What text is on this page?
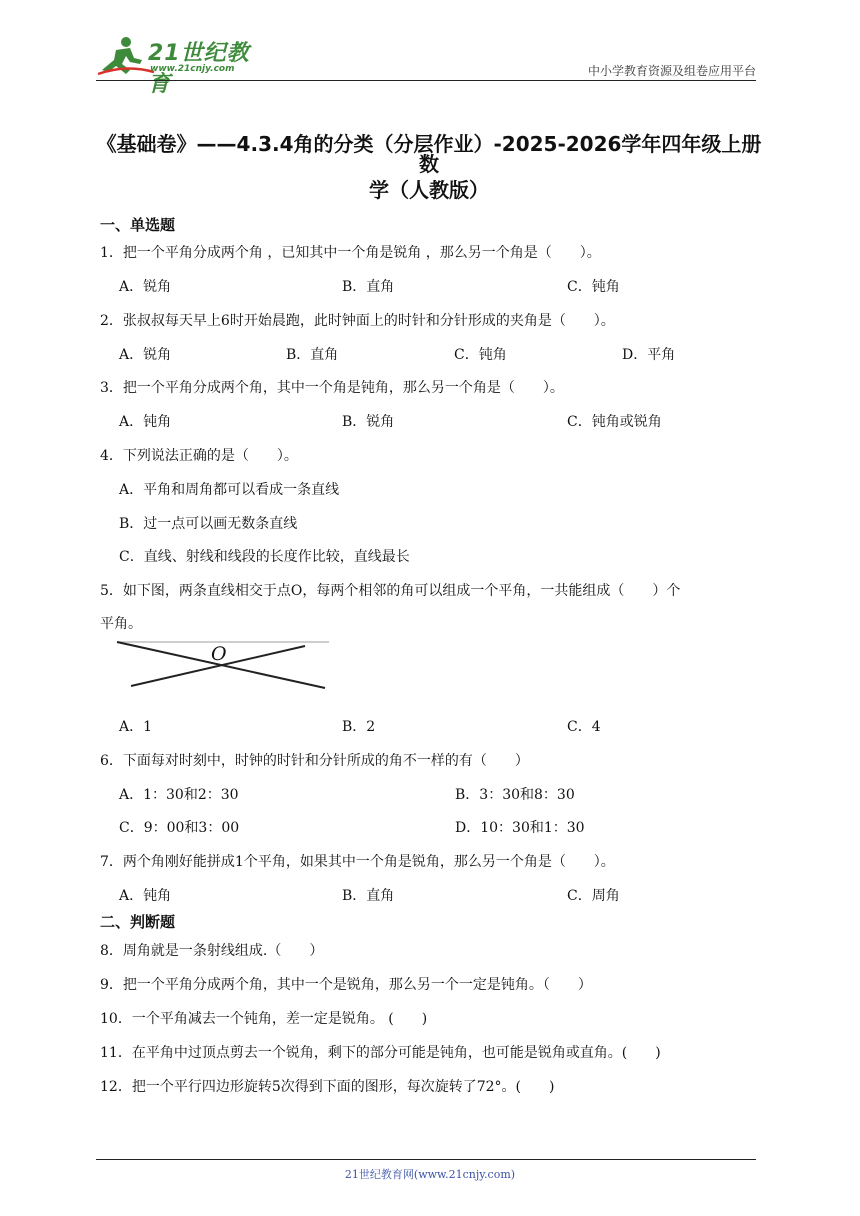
21世纪教育
www.21cnjy.com	中小学教育资源及组卷应用平台
《基础卷》——4.3.4角的分类（分层作业）-2025-2026学年四年级上册数
学（人教版）
一、单选题
1．把一个平角分成两个角 ，已知其中一个角是锐角 ，那么另一个角是（　　）。
A．锐角	B．直角	C．钝角
2．张叔叔每天早上6时开始晨跑，此时钟面上的时针和分针形成的夹角是（　　）。
A．锐角	B．直角	C．钝角	D．平角
3．把一个平角分成两个角，其中一个角是钝角，那么另一个角是（　　）。
A．钝角	B．锐角	C．钝角或锐角
4．下列说法正确的是（　　）。
A．平角和周角都可以看成一条直线
B．过一点可以画无数条直线
C．直线、射线和线段的长度作比较，直线最长
5．如下图，两条直线相交于点O，每两个相邻的角可以组成一个平角，一共能组成（　　）个
平角。
O
A．1	B．2	C．4
6．下面每对时刻中，时钟的时针和分针所成的角不一样的有（　　）
A．1：30和2：30	B．3：30和8：30
C．9：00和3：00	D．10：30和1：30
7．两个角刚好能拼成1个平角，如果其中一个角是锐角，那么另一个角是（　　）。
A．钝角	B．直角	C．周角
二、判断题
8．周角就是一条射线组成.（　　）
9．把一个平角分成两个角，其中一个是锐角，那么另一个一定是钝角。（　　）
10．一个平角减去一个钝角，差一定是锐角。 (　　)
11．在平角中过顶点剪去一个锐角，剩下的部分可能是钝角，也可能是锐角或直角。(　　)
12．把一个平行四边形旋转5次得到下面的图形，每次旋转了72°。(　　)
21世纪教育网(www.21cnjy.com)
